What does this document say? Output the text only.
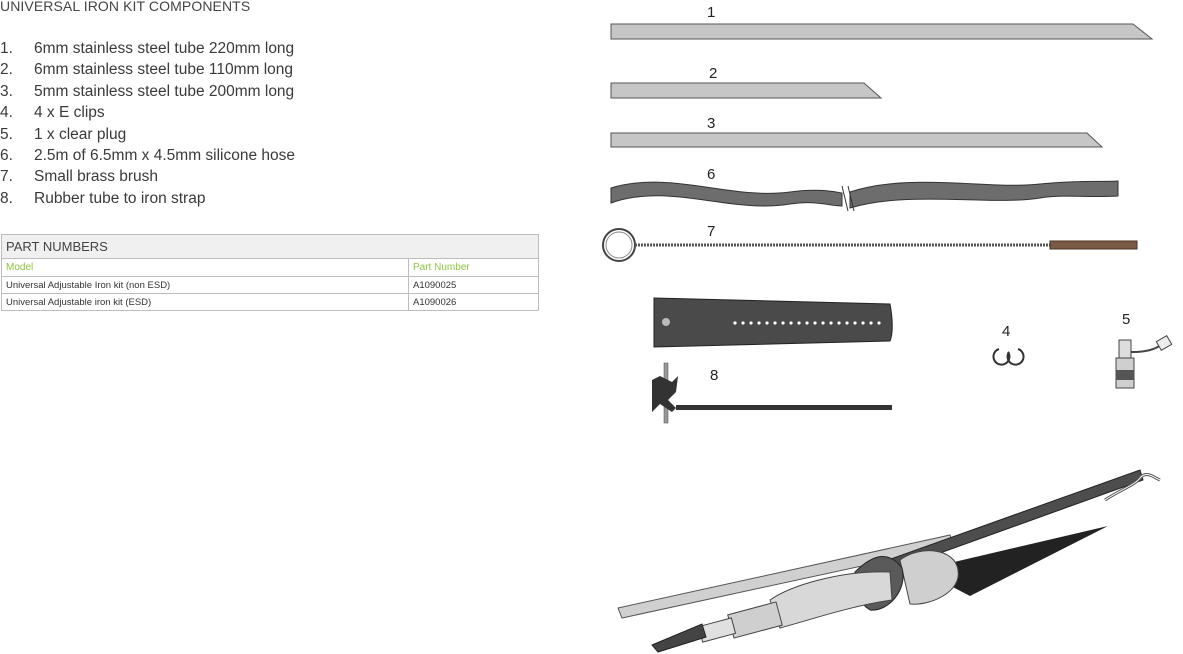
UNIVERSAL IRON KIT COMPONENTS
1. 6mm stainless steel tube 220mm long
2. 6mm stainless steel tube 110mm long
3. 5mm stainless steel tube 200mm long
4. 4 x E clips
5. 1 x clear plug
6. 2.5m of 6.5mm x 4.5mm silicone hose
7. Small brass brush
8. Rubber tube to iron strap
PART NUMBERS	
Model	Part Number
Universal Adjustable Iron kit (non ESD)	A1090025
Universal Adjustable iron kit (ESD)	A1090026
1
2
3
6
7
8
4
5
